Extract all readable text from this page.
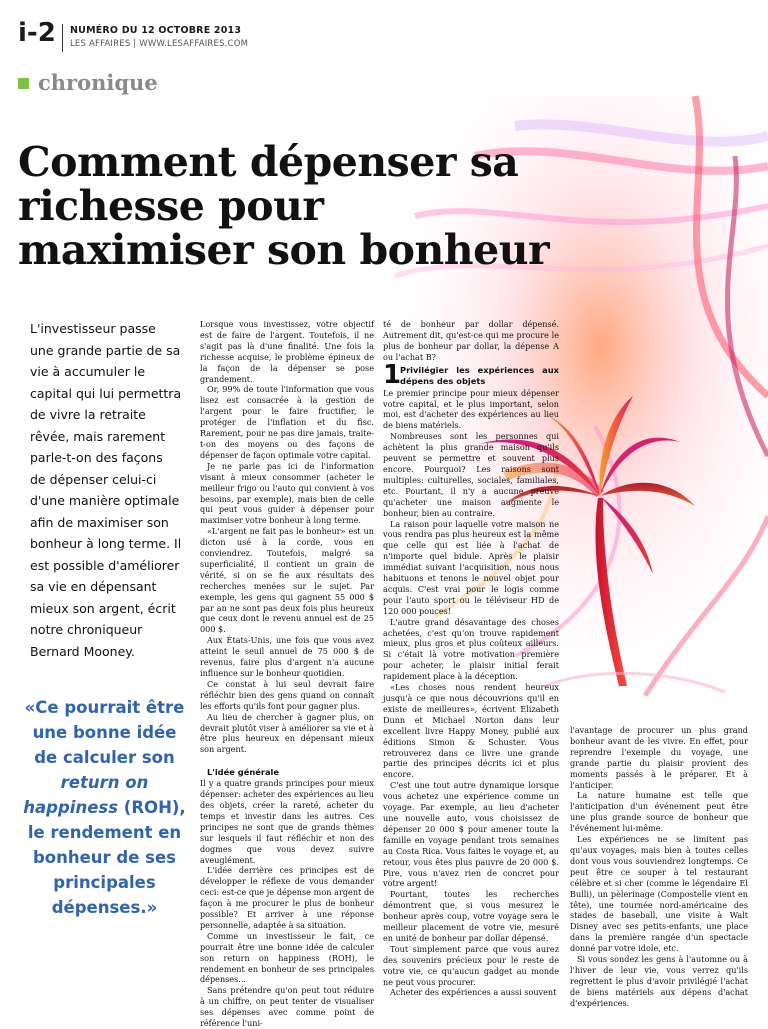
i-2 NUMÉRO DU 12 OCTOBRE 2013
LES AFFAIRES | WWW.LESAFFAIRES.COM
chronique
Comment dépenser sa richesse pour maximiser son bonheur

L'investisseur passe une grande partie de sa vie à accumuler le capital qui lui permettra de vivre la retraite rêvée, mais rarement parle-t-on des façons de dépenser celui-ci d'une manière optimale afin de maximiser son bonheur à long terme. Il est possible d'améliorer sa vie en dépensant mieux son argent, écrit notre chroniqueur Bernard Mooney.

«Ce pourrait être une bonne idée de calculer son return on happiness (ROH), le rendement en bonheur de ses principales dépenses.»

Lorsque vous investissez, votre objectif est de faire de l'argent. Toutefois, il ne s'agit pas là d'une finalité. Une fois la richesse acquise, le problème épineux de la façon de la dépenser se pose grandement.

Or, 99% de toute l'information que vous lisez est consacrée à la gestion de l'argent pour le faire fructifier, le protéger de l'inflation et du fisc. Rarement, pour ne pas dire jamais, traite-t-on des moyens ou des façons de dépenser de façon optimale votre capital.

Je ne parle pas ici de l'information visant à mieux consommer (acheter le meilleur frigo ou l'auto qui convient à vos besoins, par exemple), mais bien de celle qui peut vous guider à dépenser pour maximiser votre bonheur à long terme.

«L'argent ne fait pas le bonheur» est un dicton usé à la corde, vous en conviendrez. Toutefois, malgré sa superficialité, il contient un grain de vérité, si on se fie aux résultats des recherches menées sur le sujet. Par exemple, les gens qui gagnent 55 000 $ par an ne sont pas deux fois plus heureux que ceux dont le revenu annuel est de 25 000 $.

Aux États-Unis, une fois que vous avez atteint le seuil annuel de 75 000 $ de revenus, faire plus d'argent n'a aucune influence sur le bonheur quotidien.

Ce constat à lui seul devrait faire réfléchir bien des gens quand on connaît les efforts qu'ils font pour gagner plus.

Au lieu de chercher à gagner plus, on devrait plutôt viser à améliorer sa vie et à être plus heureux en dépensant mieux son argent.

L'idée générale

Il y a quatre grands principes pour mieux dépenser: acheter des expériences au lieu des objets, créer la rareté, acheter du temps et investir dans les autres. Ces principes ne sont que de grands thèmes sur lesquels il faut réfléchir et non des dogmes que vous devez suivre aveuglément.

L'idée derrière ces principes est de développer le réflexe de vous demander ceci: est-ce que je dépense mon argent de façon à me procurer le plus de bonheur possible? Et arriver à une réponse personnelle, adaptée à sa situation.

Comme un investisseur le fait, ce pourrait être une bonne idée de calculer son return on happiness (ROH), le rendement en bonheur de ses principales dépenses...

Sans prétendre qu'on peut tout réduire à un chiffre, on peut tenter de visualiser ses dépenses avec comme point de référence l'uni-

té de bonheur par dollar dépensé. Autrement dit, qu'est-ce qui me procure le plus de bonheur par dollar, la dépense A ou l'achat B?

1
Privilégier les expériences aux dépens des objets

Le premier principe pour mieux dépenser votre capital, et le plus important, selon moi, est d'acheter des expériences au lieu de biens matériels.

Nombreuses sont les personnes qui achètent la plus grande maison qu'ils peuvent se permettre et souvent plus encore. Pourquoi? Les raisons sont multiples: culturelles, sociales, familiales, etc. Pourtant, il n'y a aucune preuve qu'acheter une maison augmente le bonheur, bien au contraire.

La raison pour laquelle votre maison ne vous rendra pas plus heureux est la même que celle qui est liée à l'achat de n'importe quel bidule. Après le plaisir immédiat suivant l'acquisition, nous nous habituons et tenons le nouvel objet pour acquis. C'est vrai pour le logis comme pour l'auto sport ou le téléviseur HD de 120 000 pouces!

L'autre grand désavantage des choses achetées, c'est qu'on trouve rapidement mieux, plus gros et plus coûteux ailleurs. Si c'était là votre motivation première pour acheter, le plaisir initial ferait rapidement place à la déception.

«Les choses nous rendent heureux jusqu'à ce que nous découvrions qu'il en existe de meilleures», écrivent Elizabeth Dunn et Michael Norton dans leur excellent livre Happy Money, publié aux éditions Simon & Schuster. Vous retrouverez dans ce livre une grande partie des principes décrits ici et plus encore.

C'est une tout autre dynamique lorsque vous achetez une expérience comme un voyage. Par exemple, au lieu d'acheter une nouvelle auto, vous choisissez de dépenser 20 000 $ pour amener toute la famille en voyage pendant trois semaines au Costa Rica. Vous faites le voyage et, au retour, vous êtes plus pauvre de 20 000 $. Pire, vous n'avez rien de concret pour votre argent!

Pourtant, toutes les recherches démontrent que, si vous mesurez le bonheur après coup, votre voyage sera le meilleur placement de votre vie, mesuré en unité de bonheur par dollar dépensé.

Tout simplement parce que vous aurez des souvenirs précieux pour le reste de votre vie, ce qu'aucun gadget au monde ne peut vous procurer.

Acheter des expériences a aussi souvent

l'avantage de procurer un plus grand bonheur avant de les vivre. En effet, pour reprendre l'exemple du voyage, une grande partie du plaisir provient des moments passés à le préparer. Et à l'anticiper.

La nature humaine est telle que l'anticipation d'un événement peut être une plus grande source de bonheur que l'événement lui-même.

Les expériences ne se limitent pas qu'aux voyages, mais bien à toutes celles dont vous vous souviendrez longtemps. Ce peut être ce souper à tel restaurant célèbre et si cher (comme le légendaire El Bulli), un pèlerinage (Compostelle vient en tête), une tournée nord-américaine des stades de baseball, une visite à Walt Disney avec ses petits-enfants, une place dans la première rangée d'un spectacle donné par votre idole, etc.

Si vous sondez les gens à l'automne ou à l'hiver de leur vie, vous verrez qu'ils regrettent le plus d'avoir privilégié l'achat de biens matériels aux dépens d'achat d'expériences.
